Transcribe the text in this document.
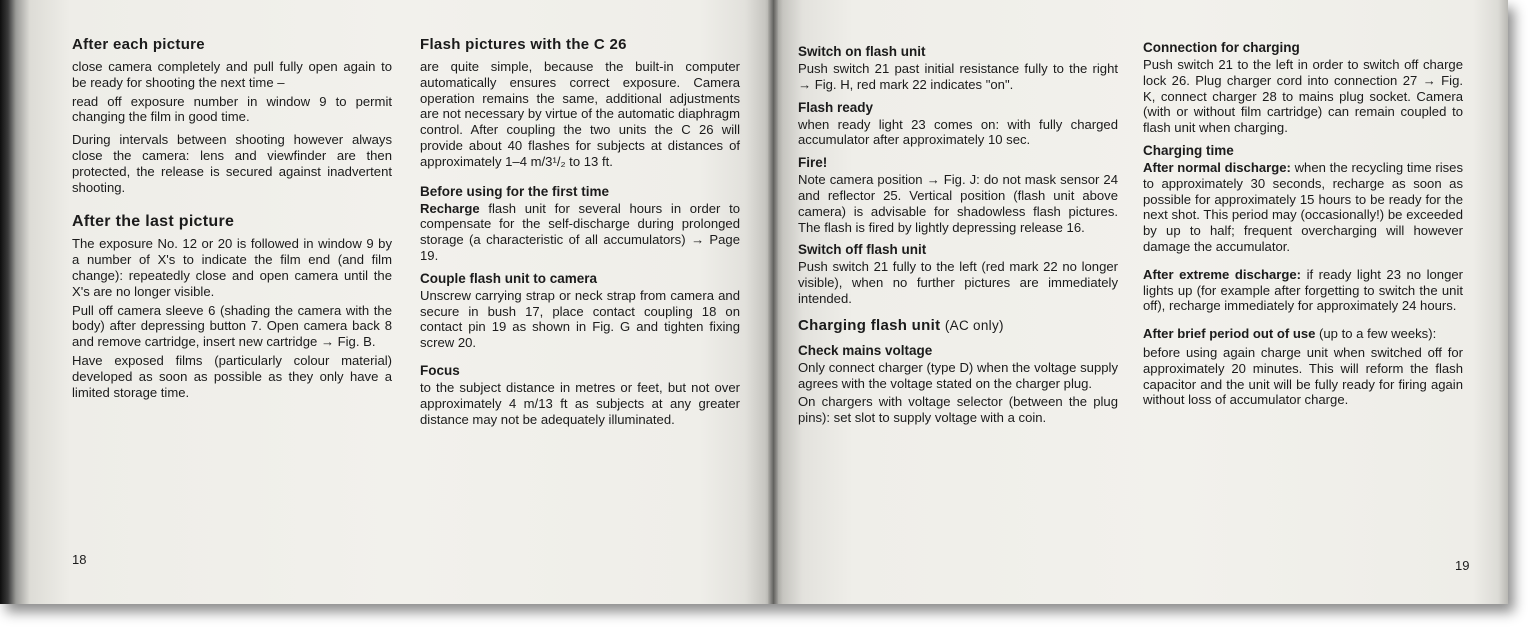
After each picture

close camera completely and pull fully open again to be ready for shooting the next time –

read off exposure number in window 9 to permit changing the film in good time.

During intervals between shooting however always close the camera: lens and viewfinder are then protected, the release is secured against inadvertent shooting.

After the last picture

The exposure No. 12 or 20 is followed in window 9 by a number of X's to indicate the film end (and film change): repeatedly close and open camera until the X's are no longer visible.

Pull off camera sleeve 6 (shading the camera with the body) after depressing button 7. Open camera back 8 and remove cartridge, insert new cartridge → Fig. B.

Have exposed films (particularly colour material) developed as soon as possible as they only have a limited storage time.

Flash pictures with the C 26

are quite simple, because the built-in computer automatically ensures correct exposure. Camera operation remains the same, additional adjustments are not necessary by virtue of the automatic diaphragm control. After coupling the two units the C 26 will provide about 40 flashes for subjects at distances of approximately 1–4 m/3¹/₂ to 13 ft.

Before using for the first time

Recharge flash unit for several hours in order to compensate for the self-discharge during prolonged storage (a characteristic of all accumulators) → Page 19.

Couple flash unit to camera

Unscrew carrying strap or neck strap from camera and secure in bush 17, place contact coupling 18 on contact pin 19 as shown in Fig. G and tighten fixing screw 20.

Focus

to the subject distance in metres or feet, but not over approximately 4 m/13 ft as subjects at any greater distance may not be adequately illuminated.

18
Switch on flash unit

Push switch 21 past initial resistance fully to the right → Fig. H, red mark 22 indicates "on".

Flash ready

when ready light 23 comes on: with fully charged accumulator after approximately 10 sec.

Fire!

Note camera position → Fig. J: do not mask sensor 24 and reflector 25. Vertical position (flash unit above camera) is advisable for shadowless flash pictures. The flash is fired by lightly depressing release 16.

Switch off flash unit

Push switch 21 fully to the left (red mark 22 no longer visible), when no further pictures are immediately intended.

Charging flash unit (AC only)
Check mains voltage

Only connect charger (type D) when the voltage supply agrees with the voltage stated on the charger plug.

On chargers with voltage selector (between the plug pins): set slot to supply voltage with a coin.

Connection for charging

Push switch 21 to the left in order to switch off charge lock 26. Plug charger cord into connection 27 → Fig. K, connect charger 28 to mains plug socket. Camera (with or without film cartridge) can remain coupled to flash unit when charging.

Charging time

After normal discharge: when the recycling time rises to approximately 30 seconds, recharge as soon as possible for approximately 15 hours to be ready for the next shot. This period may (occasionally!) be exceeded by up to half; frequent overcharging will however damage the accumulator.

After extreme discharge: if ready light 23 no longer lights up (for example after forgetting to switch the unit off), recharge immediately for approximately 24 hours.

After brief period out of use (up to a few weeks):

before using again charge unit when switched off for approximately 20 minutes. This will reform the flash capacitor and the unit will be fully ready for firing again without loss of accumulator charge.

19
